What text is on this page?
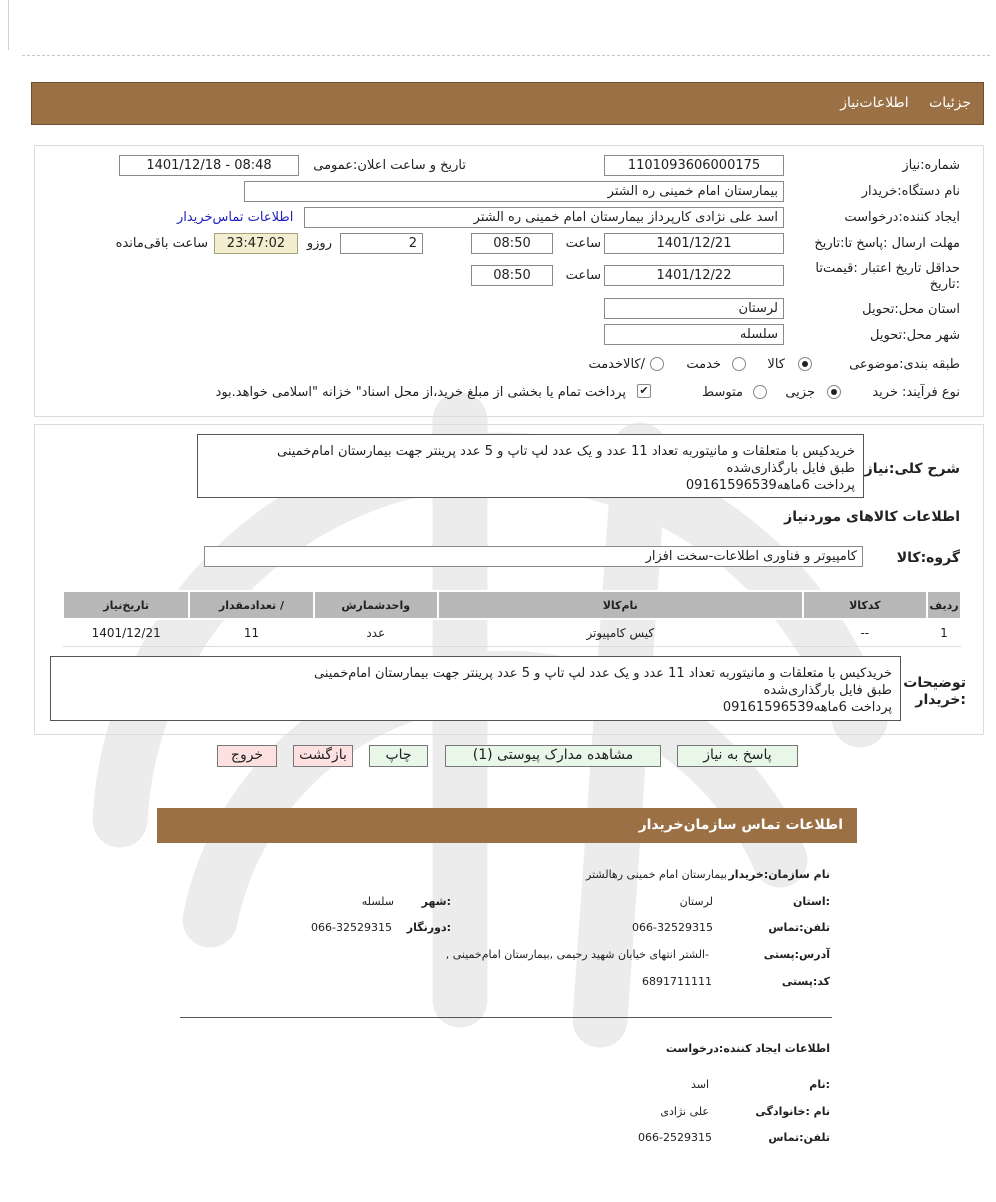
جزئیات اطلاعات‌نیاز
شماره:نیاز
1101093606000175
تاریخ و ساعت اعلان:عمومی
1401/12/18 - 08:48
نام دستگاه:خریدار
بیمارستان امام خمینی ره الشتر
ایجاد کننده:درخواست
اسد علی نژادی کارپرداز بیمارستان امام خمینی ره الشتر
اطلاعات تماس‌خریدار
مهلت ارسال :پاسخ تا:تاریخ
1401/12/21
ساعت
08:50
2
روزو
23:47:02
ساعت باقی‌مانده
حداقل تاریخ اعتبار :قیمت‌تا
:تاریخ
1401/12/22
ساعت
08:50
استان محل:تحویل
لرستان
شهر محل:تحویل
سلسله
طبقه بندی:موضوعی
کالا
خدمت
/کالاخدمت
نوع فرآیند:
خرید
جزیی
متوسط
✔
پرداخت تمام یا بخشی از مبلغ خرید،از محل اسناد" خزانه "اسلامی خواهد.بود
شرح کلی:نیاز
خریدکیس با متعلقات و مانیتوربه تعداد 11 عدد و یک عدد لپ تاپ و 5 عدد پرینتر جهت بیمارستان امام‌خمینی
طبق فایل بارگذاری‌شده
پرداخت 6ماهه09161596539
اطلاعات کالاهای موردنیاز
گروه:کالا
کامپیوتر و فناوری اطلاعات-سخت افزار
ردیف	کدکالا	نام‌کالا	واحدشمارش	/ تعدادمقدار	تاریخ‌نیاز
1	--	کیس کامپیوتر	عدد	11	1401/12/21
توضیحات
:خریدار
خریدکیس با متعلقات و مانیتوربه تعداد 11 عدد و یک عدد لپ تاپ و 5 عدد پرینتر جهت بیمارستان امام‌خمینی
طبق فایل بارگذاری‌شده
پرداخت 6ماهه09161596539
پاسخ به نیاز
مشاهده مدارک پیوستی (1)
چاپ
بازگشت
خروج
اطلاعات تماس سازمان‌خریدار
نام سازمان:خریدار
بیمارستان امام خمینی رهالشتر
:استان
لرستان
:شهر
سلسله
تلفن:تماس
066-32529315
:دورنگار
066-32529315
آدرس:پستی
-الشتر انتهای خیابان شهید رحیمی ,بیمارستان امام‌خمینی ,
کد:پستی
6891711111
اطلاعات ایجاد کننده:درخواست
:نام
اسد
نام :خانوادگی
علی نژادی
تلفن:تماس
066-2529315
